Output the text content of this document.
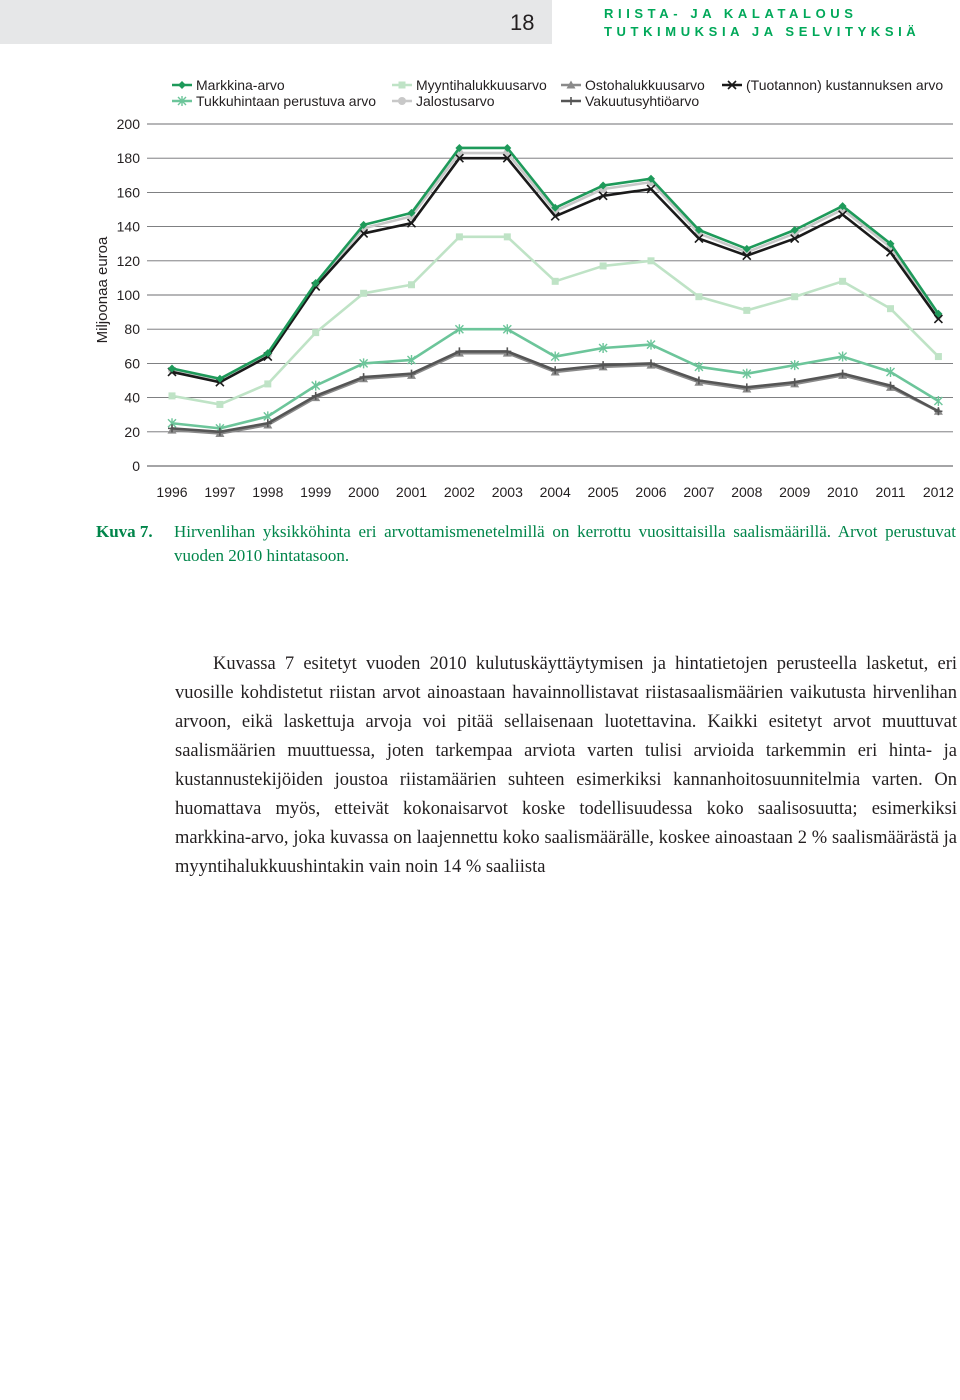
18	RIISTA- JA KALATALOUS
TUTKIMUKSIA JA SELVITYKSIÄ
Markkina-arvo
Tukkuhintaan perustuva arvo
Myyntihalukkuusarvo
Jalostusarvo
Ostohalukkuusarvo
Vakuutusyhtiöarvo
(Tuotannon) kustannuksen arvo
0
20
40
60
80
100
120
140
160
180
200
1996 1997 1998 1999 2000 2001 2002 2003 2004 2005 2006 2007 2008 2009 2010 2011 2012
Miljoonaa euroa
Kuva 7. Hirvenlihan yksikköhinta eri arvottamismenetelmillä on kerrottu vuosittaisilla saalismäärillä. Arvot perustuvat vuoden 2010 hintatasoon.

Kuvassa 7 esitetyt vuoden 2010 kulutuskäyttäytymisen ja hintatietojen perusteella lasketut, eri vuosille kohdistetut riistan arvot ainoastaan havainnollistavat riistasaalismäärien vaikutusta hirvenlihan arvoon, eikä laskettuja arvoja voi pitää sellaisenaan luotettavina. Kaikki esitetyt arvot muuttuvat saalismäärien muuttuessa, joten tarkempaa arviota varten tulisi arvioida tarkemmin eri hinta- ja kustannustekijöiden joustoa riistamäärien suhteen esimerkiksi kannanhoitosuunnitelmia varten. On huomattava myös, etteivät kokonaisarvot koske todellisuudessa koko saalisosuutta; esimerkiksi markkina-arvo, joka kuvassa on laajennettu koko saalismäärälle, koskee ainoastaan 2 % saalismäärästä ja myyntihalukkuushintakin vain noin 14 % saaliista
